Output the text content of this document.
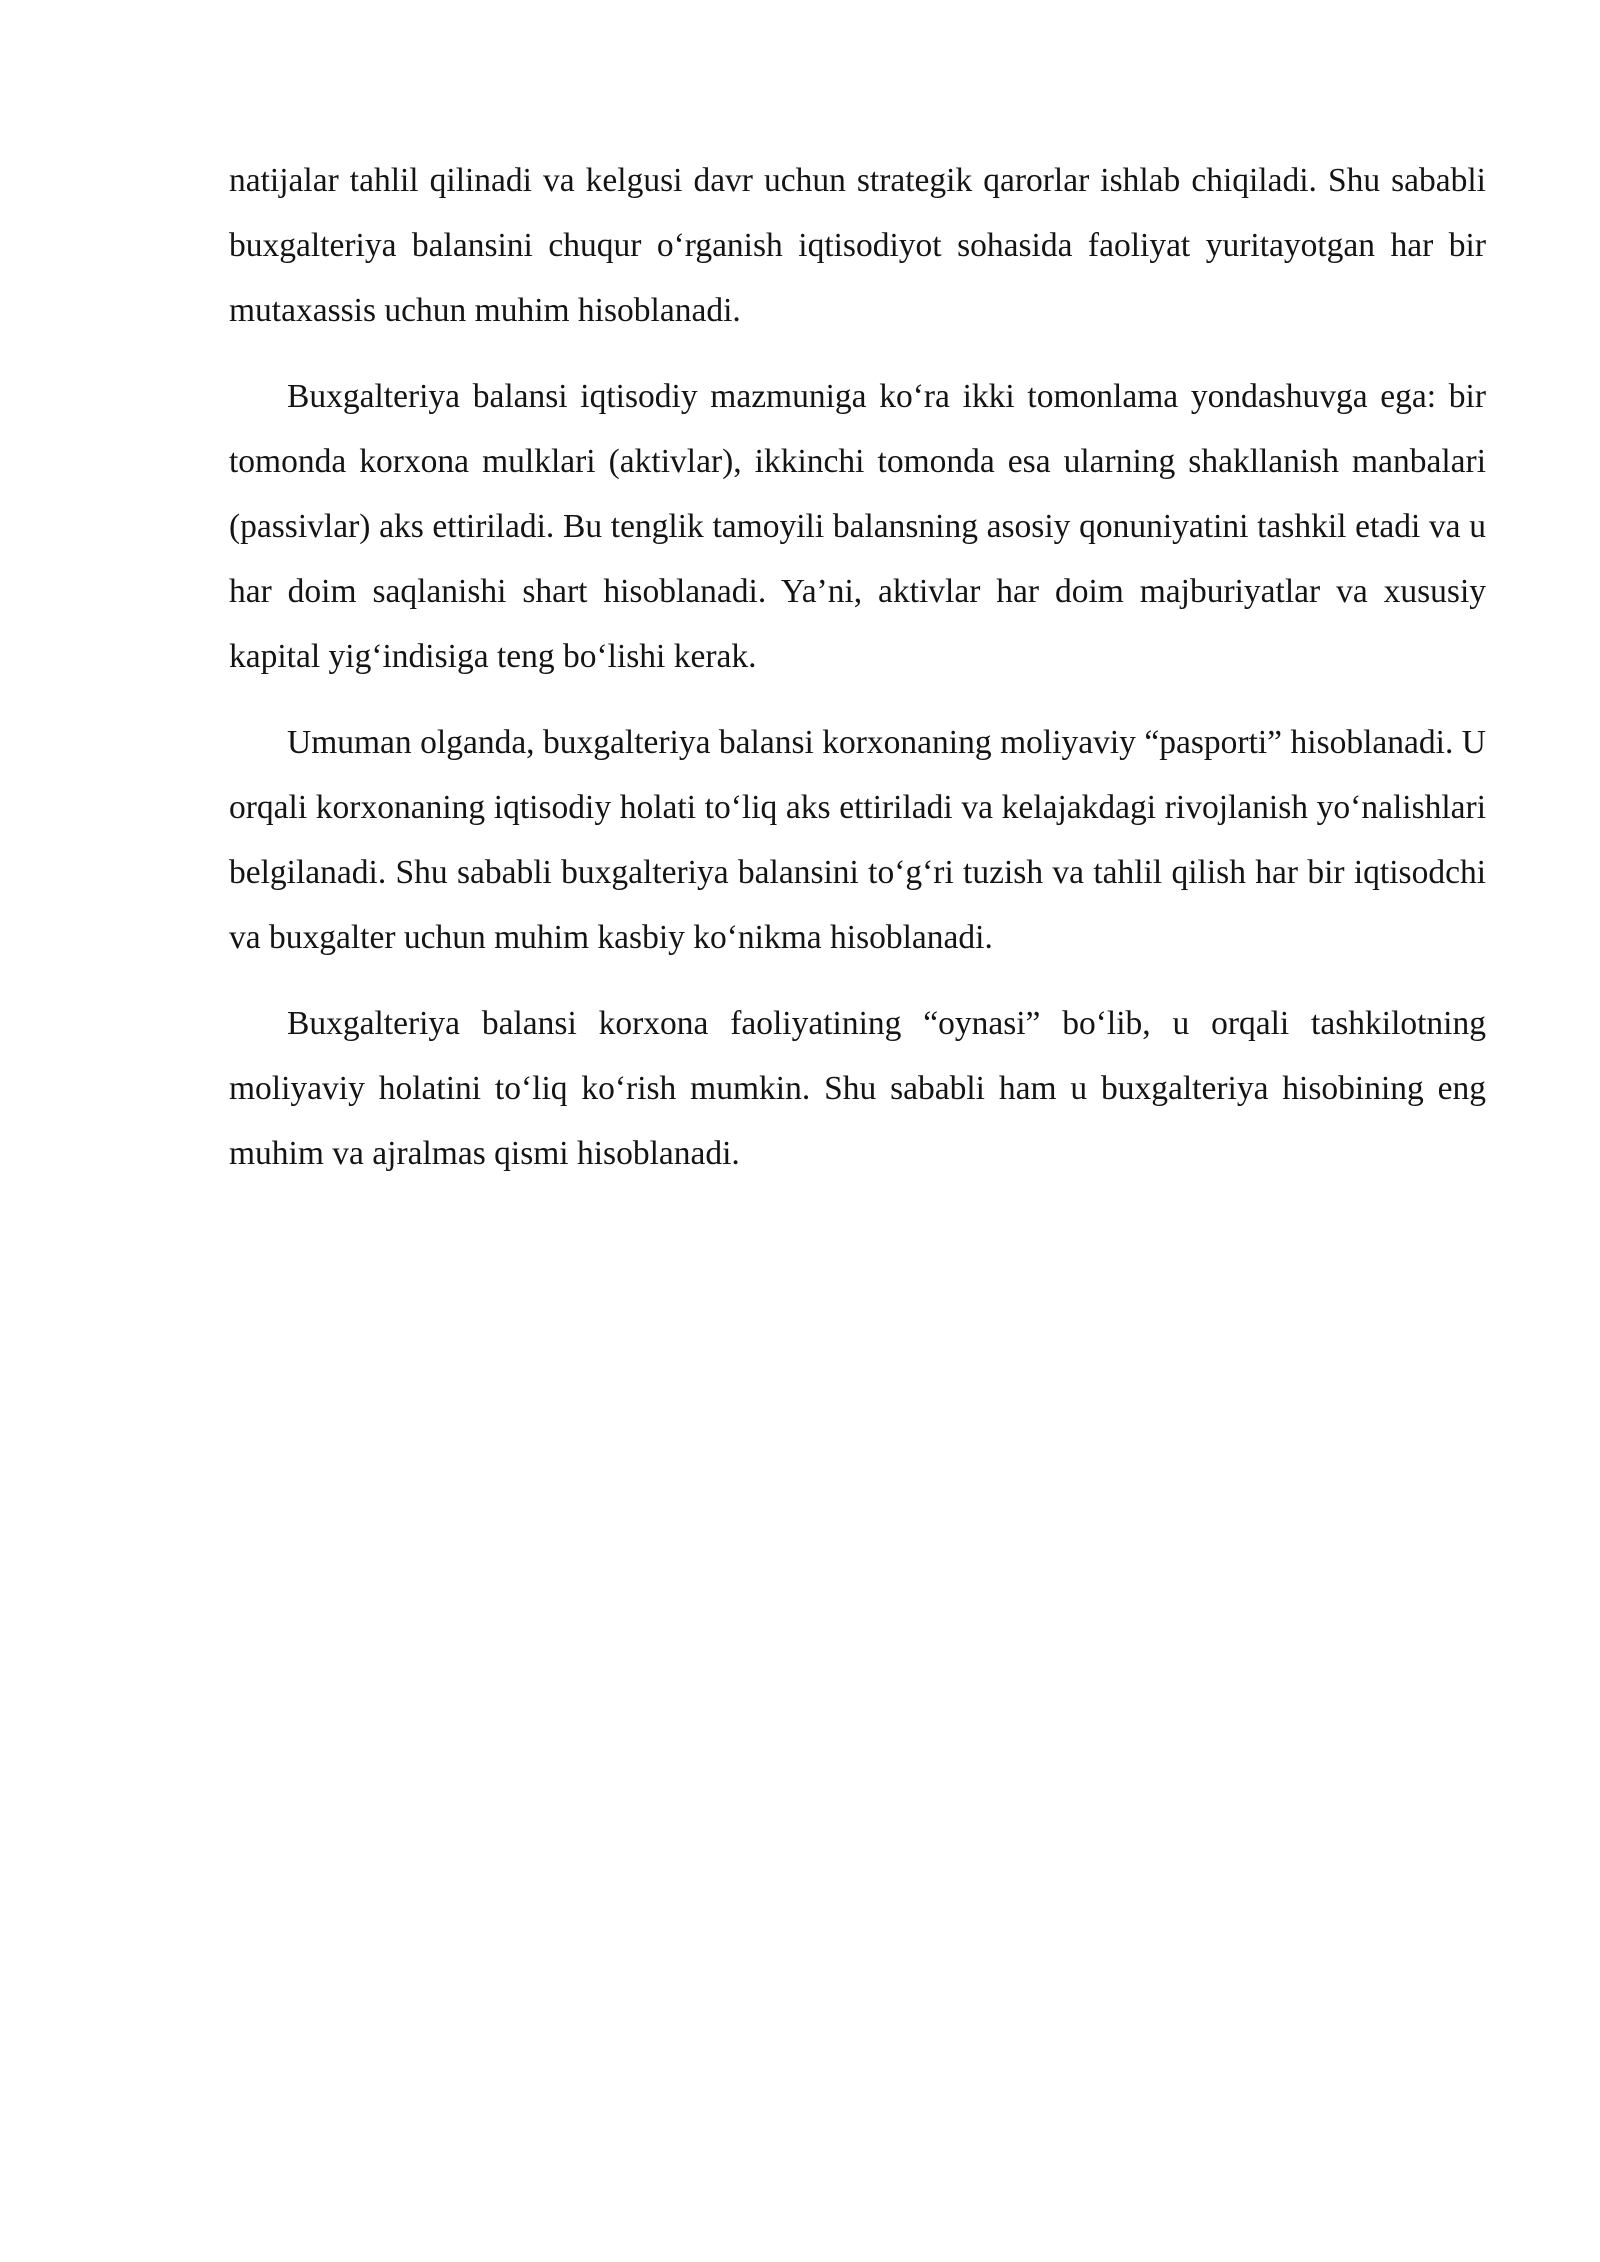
natijalar tahlil qilinadi va kelgusi davr uchun strategik qarorlar ishlab chiqiladi. Shu sababli buxgalteriya balansini chuqur o‘rganish iqtisodiyot sohasida faoliyat yuritayotgan har bir mutaxassis uchun muhim hisoblanadi.

Buxgalteriya balansi iqtisodiy mazmuniga ko‘ra ikki tomonlama yondashuvga ega: bir tomonda korxona mulklari (aktivlar), ikkinchi tomonda esa ularning shakllanish manbalari (passivlar) aks ettiriladi. Bu tenglik tamoyili balansning asosiy qonuniyatini tashkil etadi va u har doim saqlanishi shart hisoblanadi. Ya’ni, aktivlar har doim majburiyatlar va xususiy kapital yig‘indisiga teng bo‘lishi kerak.

Umuman olganda, buxgalteriya balansi korxonaning moliyaviy “pasporti” hisoblanadi. U orqali korxonaning iqtisodiy holati to‘liq aks ettiriladi va kelajakdagi rivojlanish yo‘nalishlari belgilanadi. Shu sababli buxgalteriya balansini to‘g‘ri tuzish va tahlil qilish har bir iqtisodchi va buxgalter uchun muhim kasbiy ko‘nikma hisoblanadi.

Buxgalteriya balansi korxona faoliyatining “oynasi” bo‘lib, u orqali tashkilotning moliyaviy holatini to‘liq ko‘rish mumkin. Shu sababli ham u buxgalteriya hisobining eng muhim va ajralmas qismi hisoblanadi.
